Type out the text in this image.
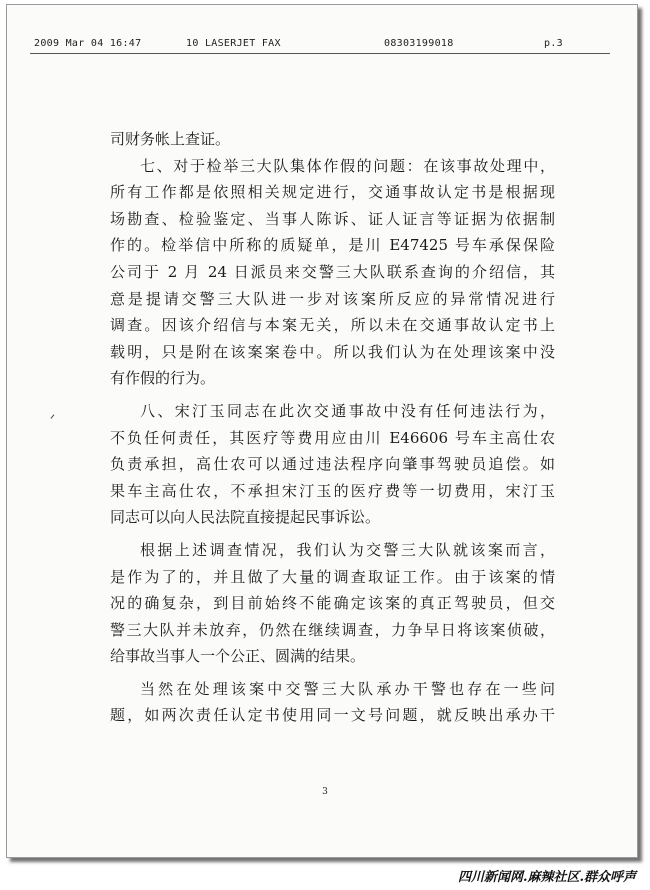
2009 Mar 04 16:47	10 LASERJET FAX	08303199018	p.3

司财务帐上查证。

七、对于检举三大队集体作假的问题：在该事故处理中，

所有工作都是依照相关规定进行，交通事故认定书是根据现

场勘查、检验鉴定、当事人陈诉、证人证言等证据为依据制

作的。检举信中所称的质疑单，是川 E47425 号车承保保险

公司于 2 月 24 日派员来交警三大队联系查询的介绍信，其

意是提请交警三大队进一步对该案所反应的异常情况进行

调查。因该介绍信与本案无关，所以未在交通事故认定书上

载明，只是附在该案案卷中。所以我们认为在处理该案中没

有作假的行为。

八、宋汀玉同志在此次交通事故中没有任何违法行为，

不负任何责任，其医疗等费用应由川 E46606 号车主高仕农

负责承担，高仕农可以通过违法程序向肇事驾驶员追偿。如

果车主高仕农，不承担宋汀玉的医疗费等一切费用，宋汀玉

同志可以向人民法院直接提起民事诉讼。

根据上述调查情况，我们认为交警三大队就该案而言，

是作为了的，并且做了大量的调查取证工作。由于该案的情

况的确复杂，到目前始终不能确定该案的真正驾驶员，但交

警三大队并未放弃，仍然在继续调查，力争早日将该案侦破，

给事故当事人一个公正、圆满的结果。

当然在处理该案中交警三大队承办干警也存在一些问

题，如两次责任认定书使用同一文号问题，就反映出承办干

ᐟ
3
四川新闻网.麻辣社区.群众呼声
